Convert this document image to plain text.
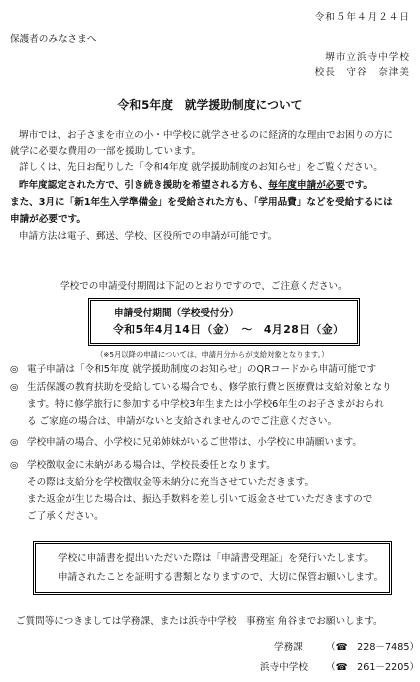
令和５年４月２４日
保護者のみなさまへ
堺市立浜寺中学校
校長　守谷　奈津美
令和5年度　就学援助制度について
堺市では、お子さまを市立の小・中学校に就学させるのに経済的な理由でお困りの方に
就学に必要な費用の一部を援助しています。
詳しくは、先日お配りした「令和4年度 就学援助制度のお知らせ」をご覧ください。
昨年度認定された方で、引き続き援助を希望される方も、毎年度申請が必要です。
また、3月に「新1年生入学準備金」を受給された方も、「学用品費」などを受給するには
申請が必要です。
申請方法は電子、郵送、学校、区役所での申請が可能です。
学校での申請受付期間は下記のとおりですので、ご注意ください。
申請受付期間（学校受付分）
令和5年4月14日（金）　～　4月28日（金）
（※5月以降の申請については、申請月分からが支給対象となります。）
◎ 電子申請は「令和5年度 就学援助制度のお知らせ」のQRコードから申請可能です
◎ 生活保護の教育扶助を受給している場合でも、修学旅行費と医療費は支給対象となり
ます。特に修学旅行に参加する中学校3年生または小学校6年生のお子さまがおられ
る ご家庭の場合は、申請がないと支給されませんのでご注意ください。
◎ 学校申請の場合、小学校に兄弟姉妹がいるご世帯は、小学校に申請願います。
◎ 学校徴収金に未納がある場合は、学校長委任となります。
その際は支給分を学校徴収金等未納分に充当させていただきます。
また返金が生じた場合は、振込手数料を差し引いて返金させていただきますので
ご了承ください。
学校に申請書を提出いただいた際は「申請書受理証」を発行いたします。
申請されたことを証明する書類となりますので、大切に保管お願いします。
ご質問等につきましては学務課、または浜寺中学校　事務室 角谷までお願いします。
学務課 （☎　228－7485）
浜寺中学校 （☎　261－2205）
